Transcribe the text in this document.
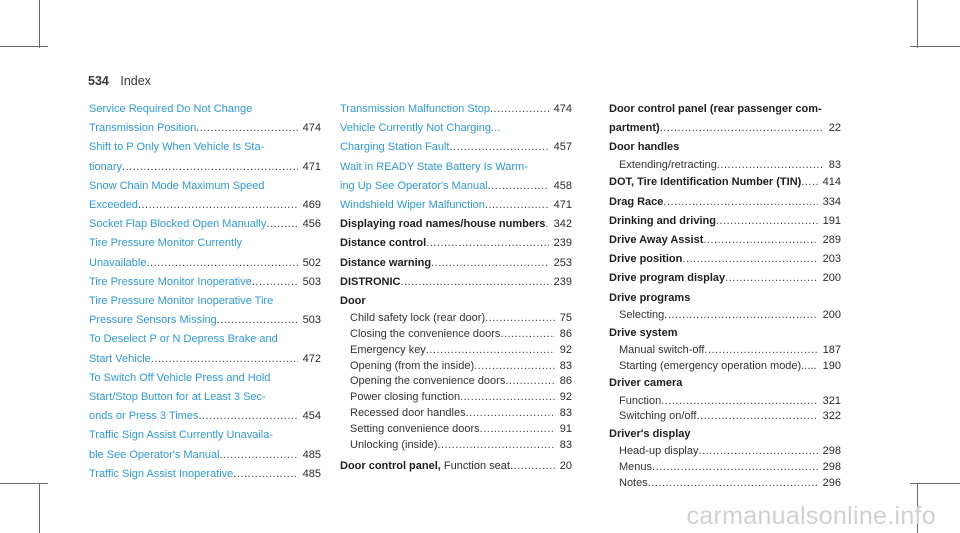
534 Index
Service Required Do Not Change
Transmission Position .....	474
Shift to P Only When Vehicle Is Sta-
tionary .....	471
Snow Chain Mode Maximum Speed
Exceeded .....	469
Socket Flap Blocked Open Manually .....	456
Tire Pressure Monitor Currently
Unavailable .....	502
Tire Pressure Monitor Inoperative .....	503
Tire Pressure Monitor Inoperative Tire
Pressure Sensors Missing .....	503
To Deselect P or N Depress Brake and
Start Vehicle .....	472
To Switch Off Vehicle Press and Hold
Start/Stop Button for at Least 3 Sec-
onds or Press 3 Times .....	454
Traffic Sign Assist Currently Unavaila-
ble See Operator's Manual .....	485
Traffic Sign Assist Inoperative .....	485
Transmission Malfunction Stop .....	474
Vehicle Currently Not Charging...
Charging Station Fault .....	457
Wait in READY State Battery Is Warm-
ing Up See Operator's Manual .....	458
Windshield Wiper Malfunction .....	471
Displaying road names/house numbers ..... 342
Distance control .....	239
Distance warning .....	253
DISTRONIC .....	239
Door
Child safety lock (rear door) .....	75
Closing the convenience doors .....	86
Emergency key .....	92
Opening (from the inside) .....	83
Opening the convenience doors .....	86
Power closing function .....	92
Recessed door handles .....	83
Setting convenience doors .....	91
Unlocking (inside) .....	83
Door control panel, Function seat .....	20
Door control panel (rear passenger com-
partment) .....	22
Door handles
Extending/retracting .....	83
DOT, Tire Identification Number (TIN) .....	414
Drag Race .....	334
Drinking and driving .....	191
Drive Away Assist .....	289
Drive position .....	203
Drive program display .....	200
Drive programs
Selecting .....	200
Drive system
Manual switch-off .....	187
Starting (emergency operation mode).... ..... 190
Driver camera
Function .....	321
Switching on/off .....	322
Driver's display
Head-up display .....	298
Menus .....	298
Notes .....	296
carmanualsonline.info
